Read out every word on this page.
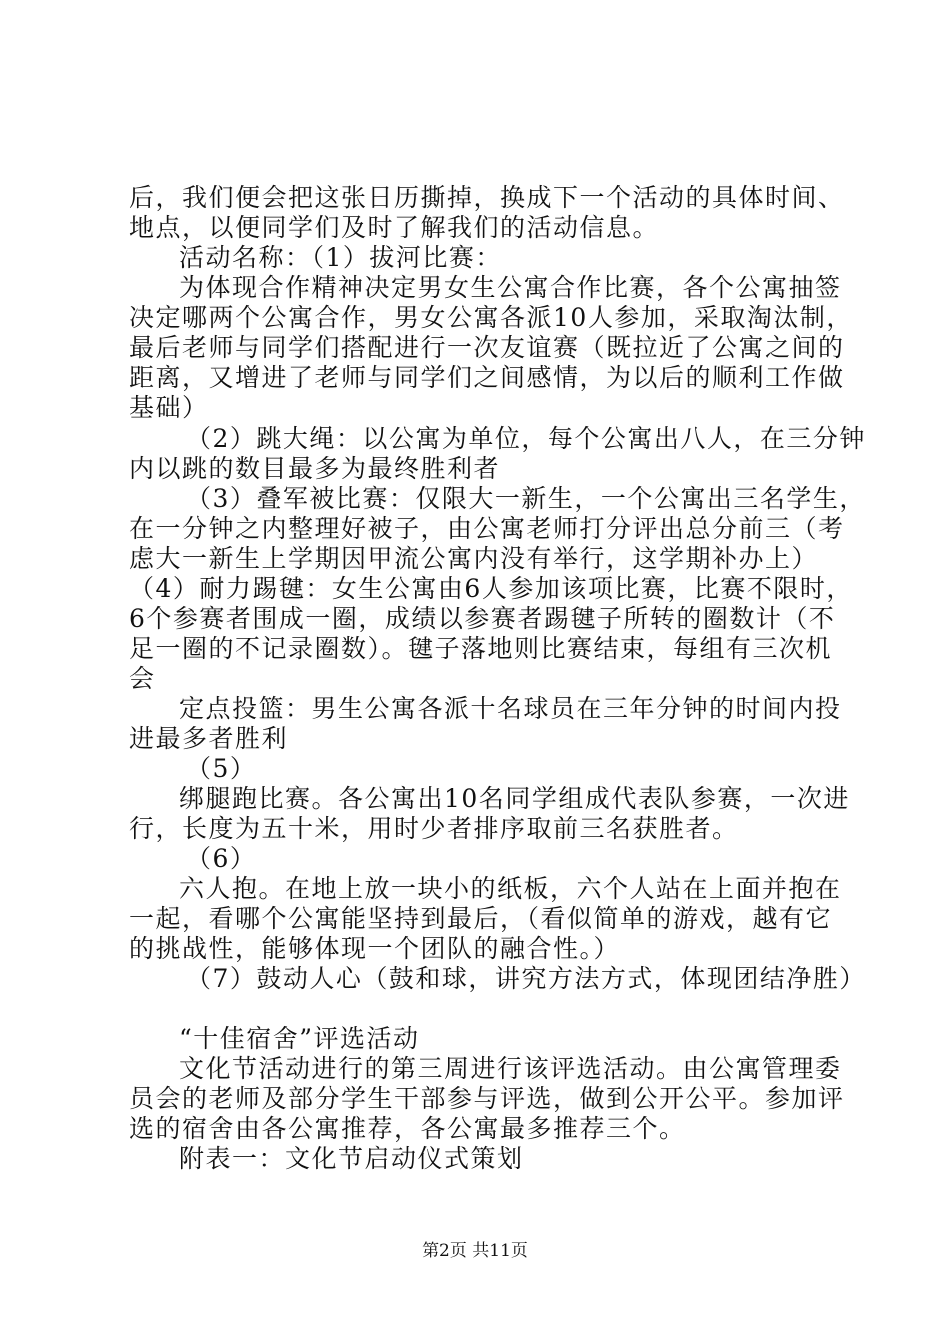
后，我们便会把这张日历撕掉，换成下一个活动的具体时间、
地点，以便同学们及时了解我们的活动信息。
活动名称：（1）拔河比赛：
为体现合作精神决定男女生公寓合作比赛，各个公寓抽签
决定哪两个公寓合作，男女公寓各派10人参加，采取淘汰制，
最后老师与同学们搭配进行一次友谊赛（既拉近了公寓之间的
距离，又增进了老师与同学们之间感情，为以后的顺利工作做
基础）
（2）跳大绳：以公寓为单位，每个公寓出八人，在三分钟
内以跳的数目最多为最终胜利者
（3）叠军被比赛：仅限大一新生，一个公寓出三名学生，
在一分钟之内整理好被子，由公寓老师打分评出总分前三（考
虑大一新生上学期因甲流公寓内没有举行，这学期补办上）
（4）耐力踢毽：女生公寓由6人参加该项比赛，比赛不限时，
6个参赛者围成一圈，成绩以参赛者踢毽子所转的圈数计（不
足一圈的不记录圈数）。毽子落地则比赛结束，每组有三次机
会
定点投篮：男生公寓各派十名球员在三年分钟的时间内投
进最多者胜利
（5）
绑腿跑比赛。各公寓出10名同学组成代表队参赛，一次进
行，长度为五十米，用时少者排序取前三名获胜者。
（6）
六人抱。在地上放一块小的纸板，六个人站在上面并抱在
一起，看哪个公寓能坚持到最后，（看似简单的游戏，越有它
的挑战性，能够体现一个团队的融合性。）
（7）鼓动人心（鼓和球，讲究方法方式，体现团结净胜）
“十佳宿舍”评选活动
文化节活动进行的第三周进行该评选活动。由公寓管理委
员会的老师及部分学生干部参与评选，做到公开公平。参加评
选的宿舍由各公寓推荐，各公寓最多推荐三个。
附表一：文化节启动仪式策划
第2页 共11页
